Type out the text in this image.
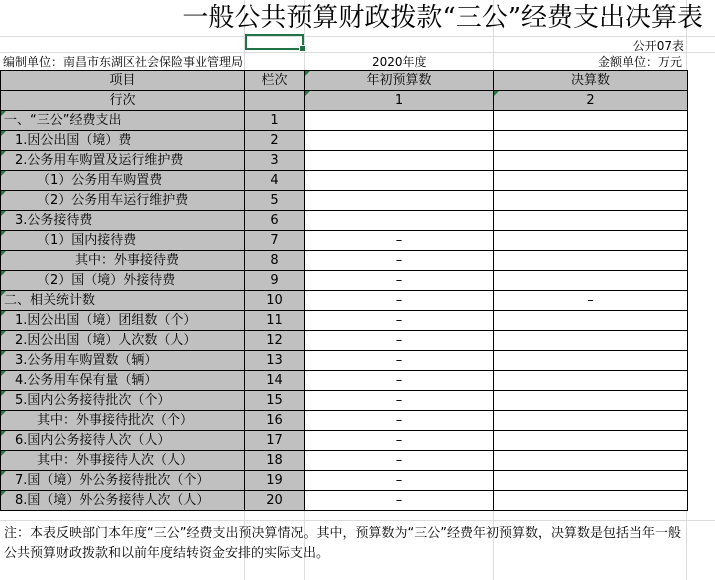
一般公共预算财政拨款“三公”经费支出决算表
公开07表
编制单位：南昌市东湖区社会保险事业管理局	2020年度	金额单位：万元
项目	栏次	年初预算数	决算数
行次		1	2
一、“三公”经费支出	1		
1.因公出国（境）费	2		
2.公务用车购置及运行维护费	3		
（1）公务用车购置费	4		
（2）公务用车运行维护费	5		
3.公务接待费	6		
（1）国内接待费	7	–	
其中：外事接待费	8	–	
（2）国（境）外接待费	9	–	
二、相关统计数	10	–	–
1.因公出国（境）团组数（个）	11	–	
2.因公出国（境）人次数（人）	12	–	
3.公务用车购置数（辆）	13	–	
4.公务用车保有量（辆）	14	–	
5.国内公务接待批次（个）	15	–	
其中：外事接待批次（个）	16	–	
6.国内公务接待人次（人）	17	–	
其中：外事接待人次（人）	18	–	
7.国（境）外公务接待批次（个）	19	–	
8.国（境）外公务接待人次（人）	20	–	
注：本表反映部门本年度“三公”经费支出预决算情况。其中，预算数为“三公”经费年初预算数，决算数是包括当年一般公共预算财政拨款和以前年度结转资金安排的实际支出。
